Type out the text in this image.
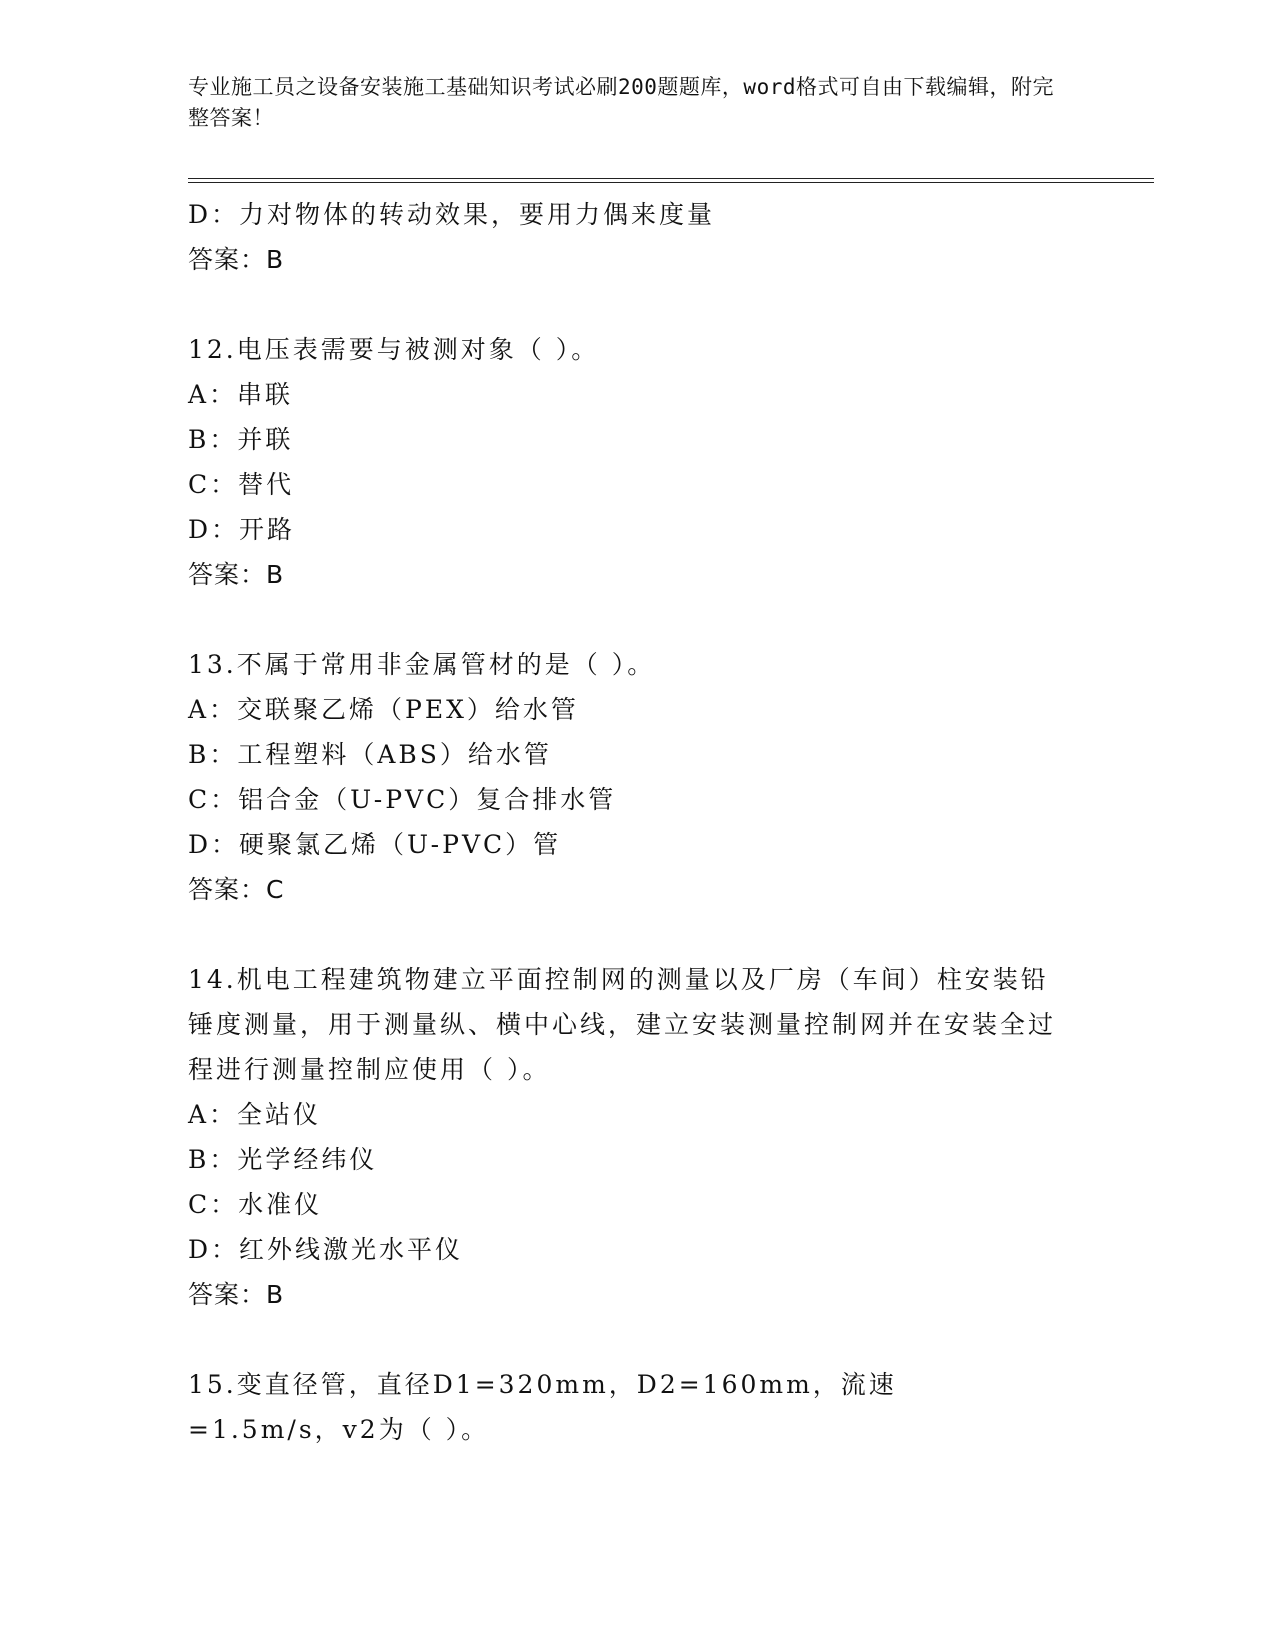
专业施工员之设备安装施工基础知识考试必刷200题题库，word格式可自由下载编辑，附完整答案！
D：力对物体的转动效果，要用力偶来度量
答案：B
12.电压表需要与被测对象（ ）。
A：串联
B：并联
C：替代
D：开路
答案：B
13.不属于常用非金属管材的是（ ）。
A：交联聚乙烯（PEX）给水管
B：工程塑料（ABS）给水管
C：铝合金（U-PVC）复合排水管
D：硬聚氯乙烯（U-PVC）管
答案：C
14.机电工程建筑物建立平面控制网的测量以及厂房（车间）柱安装铅锤度测量，用于测量纵、横中心线，建立安装测量控制网并在安装全过程进行测量控制应使用（ ）。
A：全站仪
B：光学经纬仪
C：水准仪
D：红外线激光水平仪
答案：B
15.变直径管，直径D1=320mm，D2=160mm，流速=1.5m/s，v2为（ ）。
